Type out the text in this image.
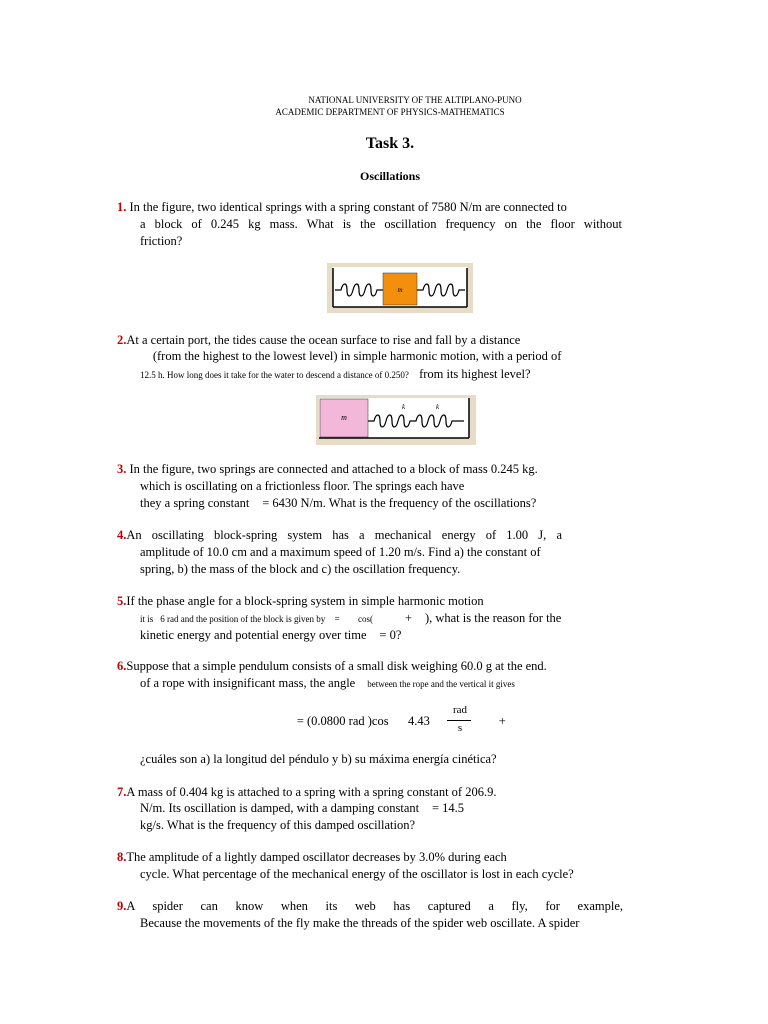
NATIONAL UNIVERSITY OF THE ALTIPLANO-PUNO
ACADEMIC DEPARTMENT OF PHYSICS-MATHEMATICS
Task 3.
Oscillations
1. In the figure, two identical springs with a spring constant of 7580 N/m are connected to
a block of 0.245 kg mass. What is the oscillation frequency on the floor without
friction?
m
2.At a certain port, the tides cause the ocean surface to rise and fall by a distance
  (from the highest to the lowest level) in simple harmonic motion, with a period of
12.5 h. How long does it take for the water to descend a distance of 0.250?  from its highest level?
m
k	k
3. In the figure, two springs are connected and attached to a block of mass 0.245 kg.
which is oscillating on a frictionless floor. The springs each have
they a spring constant  = 6430 N/m. What is the frequency of the oscillations?
4.An oscillating block-spring system has a mechanical energy of 1.00 J, a
amplitude of 10.0 cm and a maximum speed of 1.20 m/s. Find a) the constant of
spring, b) the mass of the block and c) the oscillation frequency.
5.If the phase angle for a block-spring system in simple harmonic motion
it is 6 rad and the position of the block is given by  =    cos(	+  ), what is the reason for the
kinetic energy and potential energy over time  = 0?
6.Suppose that a simple pendulum consists of a small disk weighing 60.0 g at the end.
of a rope with insignificant mass, the angle  between the rope and the vertical it gives
  = (0.0800 rad )cos  4.43
rad
s     +    
¿cuáles son a) la longitud del péndulo y b) su máxima energía cinética?
7.A mass of 0.404 kg is attached to a spring with a spring constant of 206.9.
N/m. Its oscillation is damped, with a damping constant  = 14.5
kg/s. What is the frequency of this damped oscillation?
8.The amplitude of a lightly damped oscillator decreases by 3.0% during each
cycle. What percentage of the mechanical energy of the oscillator is lost in each cycle?
9.A spider can know when its web has captured a fly, for example,
Because the movements of the fly make the threads of the spider web oscillate. A spider
